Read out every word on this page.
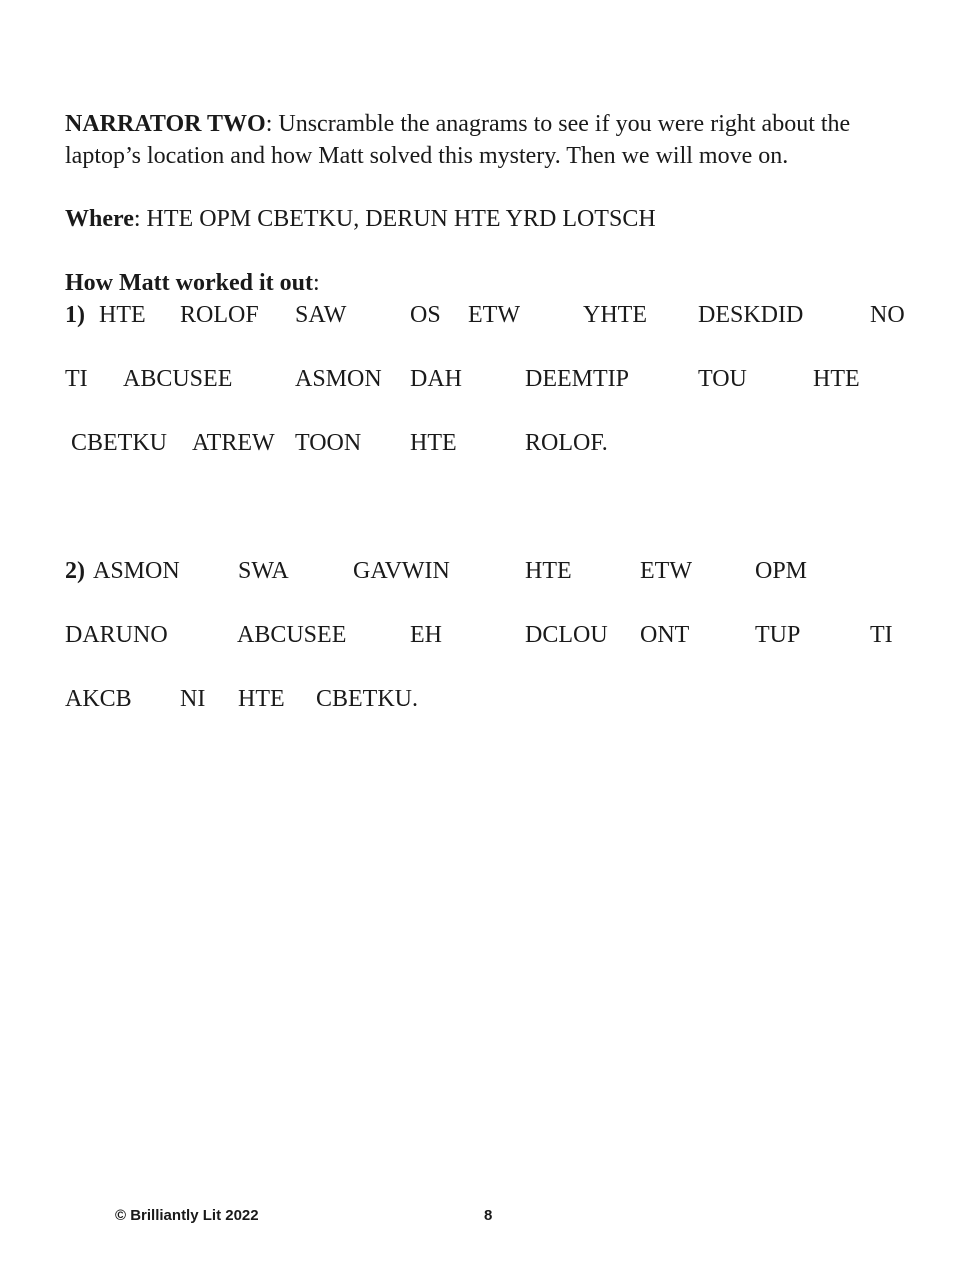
NARRATOR TWO: Unscramble the anagrams to see if you were right about the laptop’s location and how Matt solved this mystery. Then we will move on.

Where: HTE OPM CBETKU, DERUN HTE YRD LOTSCH

How Matt worked it out:

1) HTE ROLOF SAW	OS ETW	YHTE DESKDID	NO
TI ABCUSEE	ASMON DAH	DEEMTIP	TOU	HTE
CBETKU ATREW TOON HTE	ROLOF.
2) ASMON SWA	GAVWIN	HTE	ETW	OPM
DARUNO	ABCUSEE	EH	DCLOU ONT	TUP	TI
AKCB NI HTE CBETKU.
© Brilliantly Lit 2022	8
